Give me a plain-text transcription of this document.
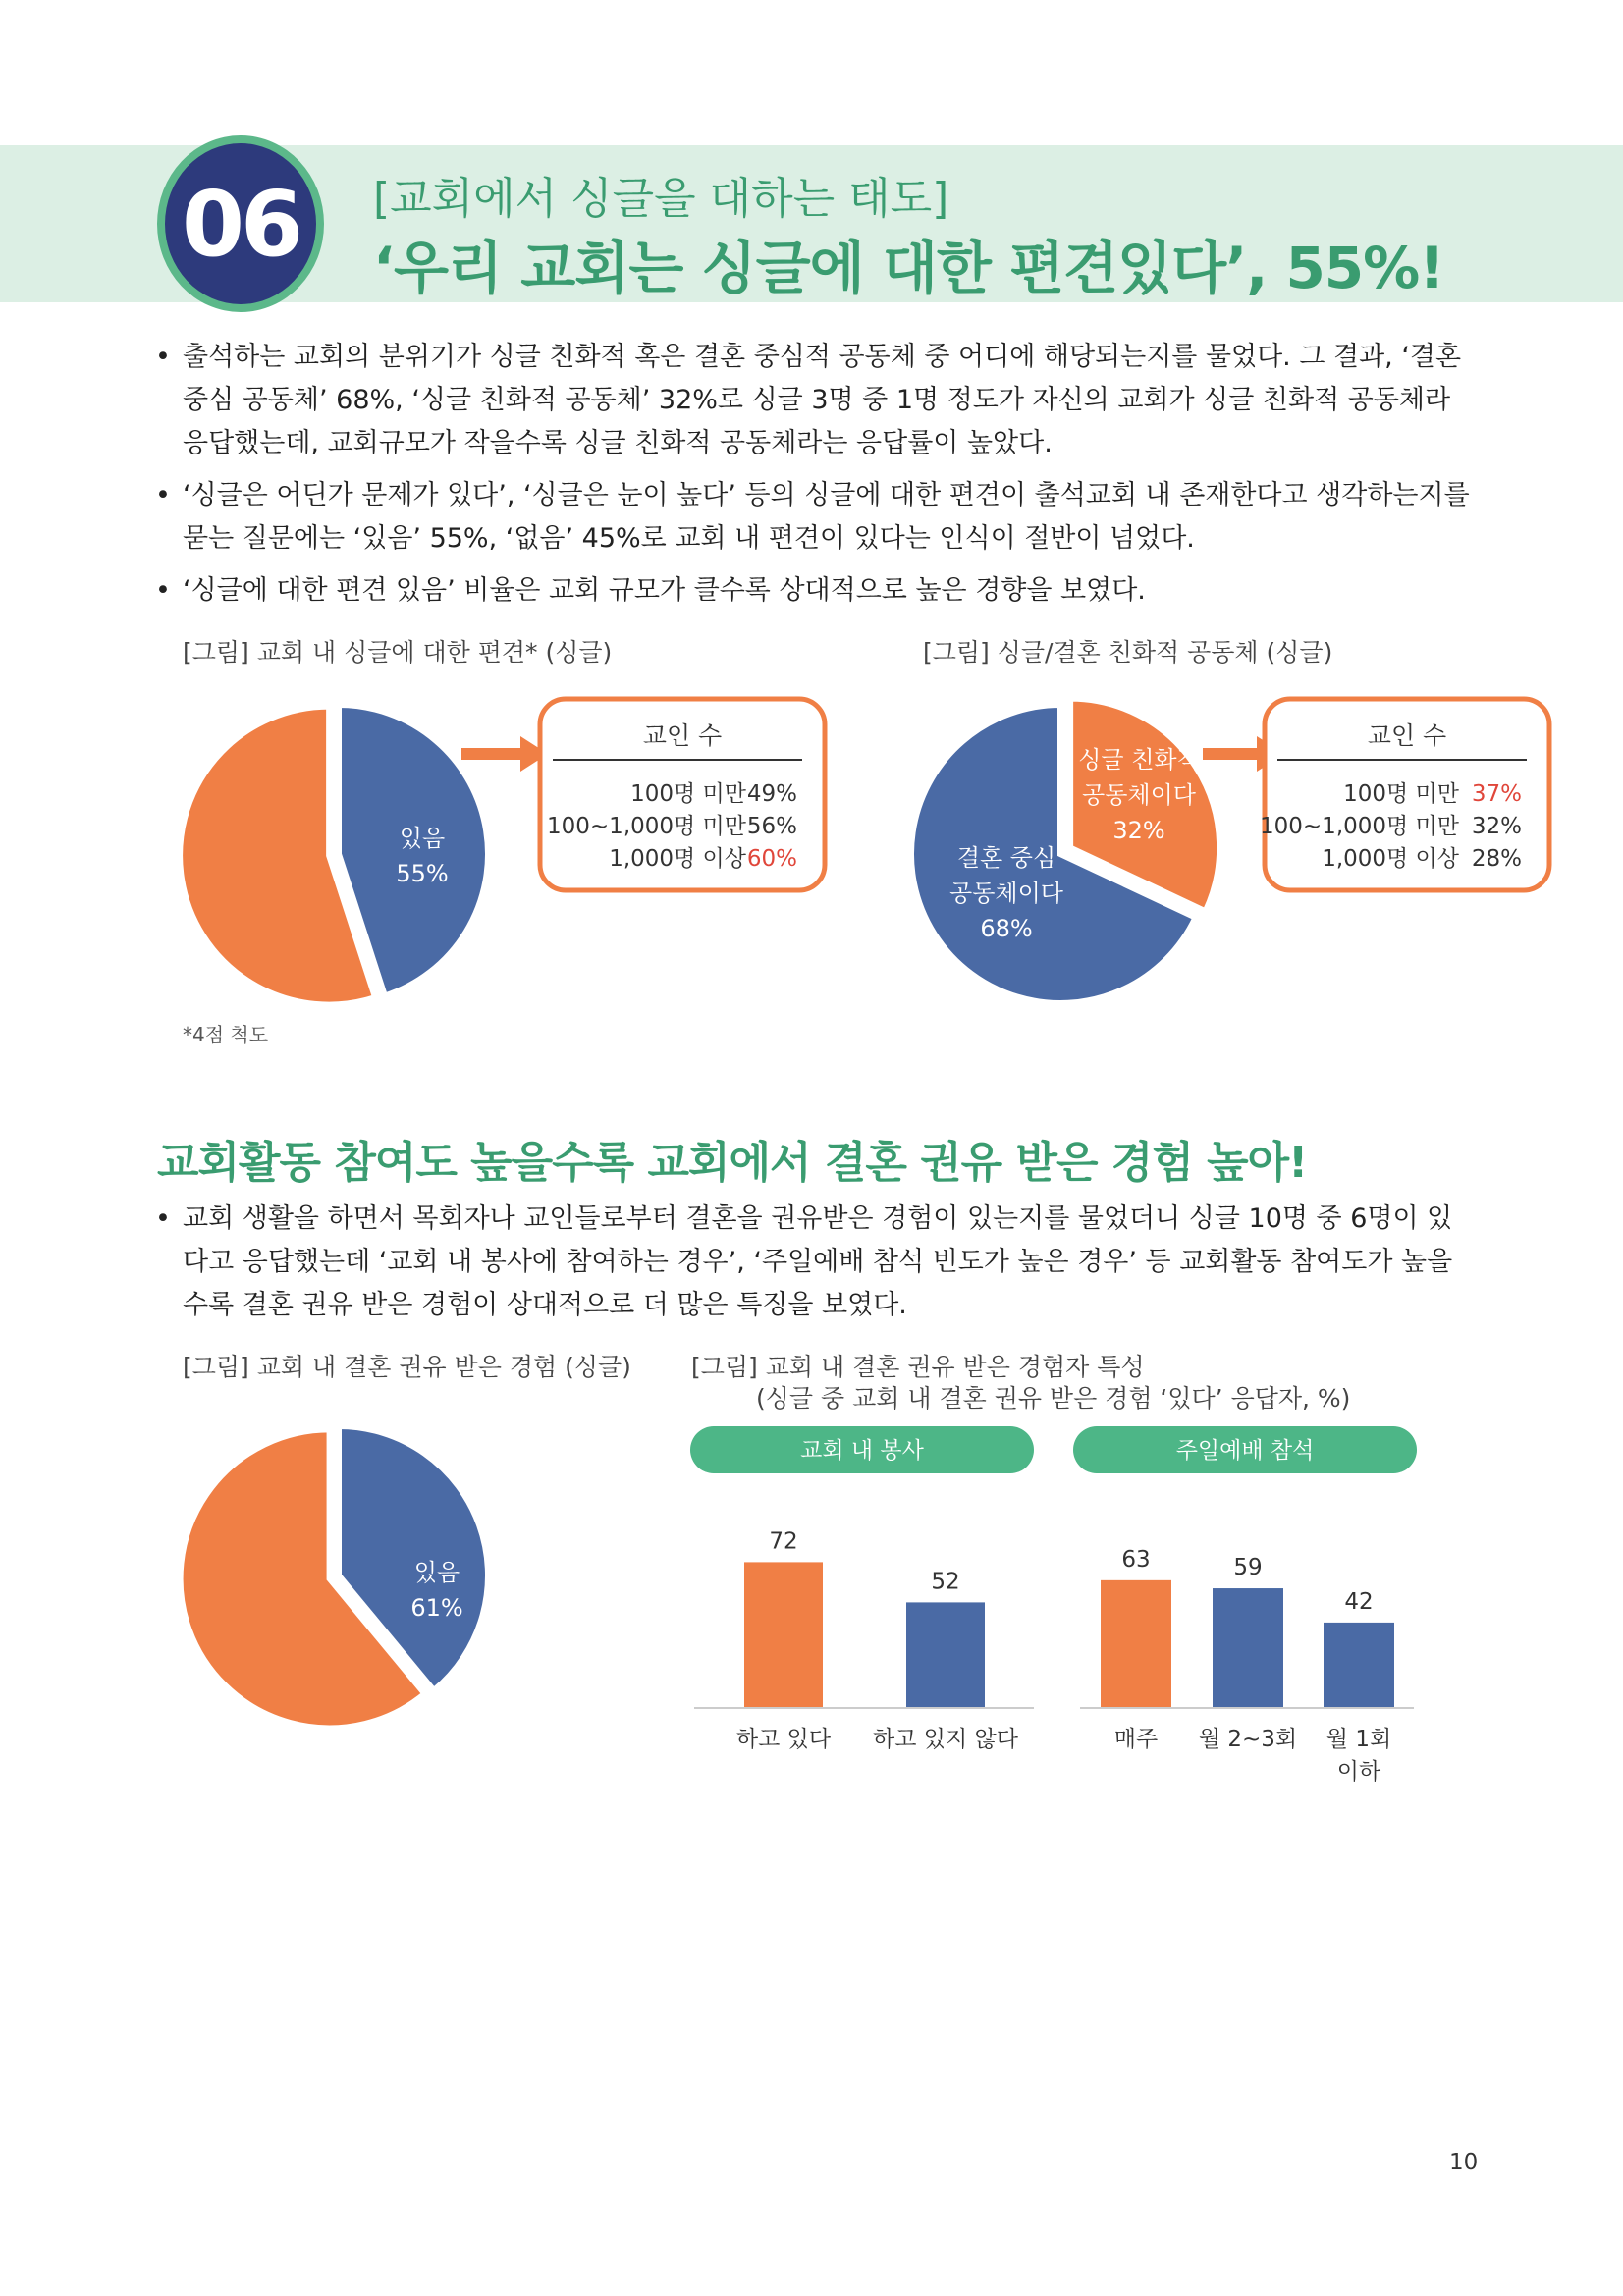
06	[교회에서 싱글을 대하는 태도]
‘우리 교회는 싱글에 대한 편견있다’, 55%!
• 출석하는 교회의 분위기가 싱글 친화적 혹은 결혼 중심적 공동체 중 어디에 해당되는지를 물었다. 그 결과, ‘결혼 중심 공동체’ 68%, ‘싱글 친화적 공동체’ 32%로 싱글 3명 중 1명 정도가 자신의 교회가 싱글 친화적 공동체라 응답했는데, 교회규모가 작을수록 싱글 친화적 공동체라는 응답률이 높았다.
• ‘싱글은 어딘가 문제가 있다’, ‘싱글은 눈이 높다’ 등의 싱글에 대한 편견이 출석교회 내 존재한다고 생각하는지를 묻는 질문에는 ‘있음’ 55%, ‘없음’ 45%로 교회 내 편견이 있다는 인식이 절반이 넘었다.
• ‘싱글에 대한 편견 있음’ 비율은 교회 규모가 클수록 상대적으로 높은 경향을 보였다.
[그림] 교회 내 싱글에 대한 편견* (싱글)	[그림] 싱글/결혼 친화적 공동체 (싱글)
*4점 척도
있음
55%
교인 수
100명 미만 49%
100~1,000명 미만 56%
1,000명 이상 60%
싱글 친화적
공동체이다
32%
결혼 중심
공동체이다
68%
교인 수
100명 미만 37%
100~1,000명 미만 32%
1,000명 이상 28%
교회활동 참여도 높을수록 교회에서 결혼 권유 받은 경험 높아!
• 교회 생활을 하면서 목회자나 교인들로부터 결혼을 권유받은 경험이 있는지를 물었더니 싱글 10명 중 6명이 있다고 응답했는데 ‘교회 내 봉사에 참여하는 경우’, ‘주일예배 참석 빈도가 높은 경우’ 등 교회활동 참여도가 높을수록 결혼 권유 받은 경험이 상대적으로 더 많은 특징을 보였다.
[그림] 교회 내 결혼 권유 받은 경험 (싱글) [그림] 교회 내 결혼 권유 받은 경험자 특성
(싱글 중 교회 내 결혼 권유 받은 경험 ‘있다’ 응답자, %)
있음
61%
교회 내 봉사	주일예배 참석
72
하고 있다
52
하고 있지 않다
63
매주
59
월 2~3회
42
월 1회
이하
10
